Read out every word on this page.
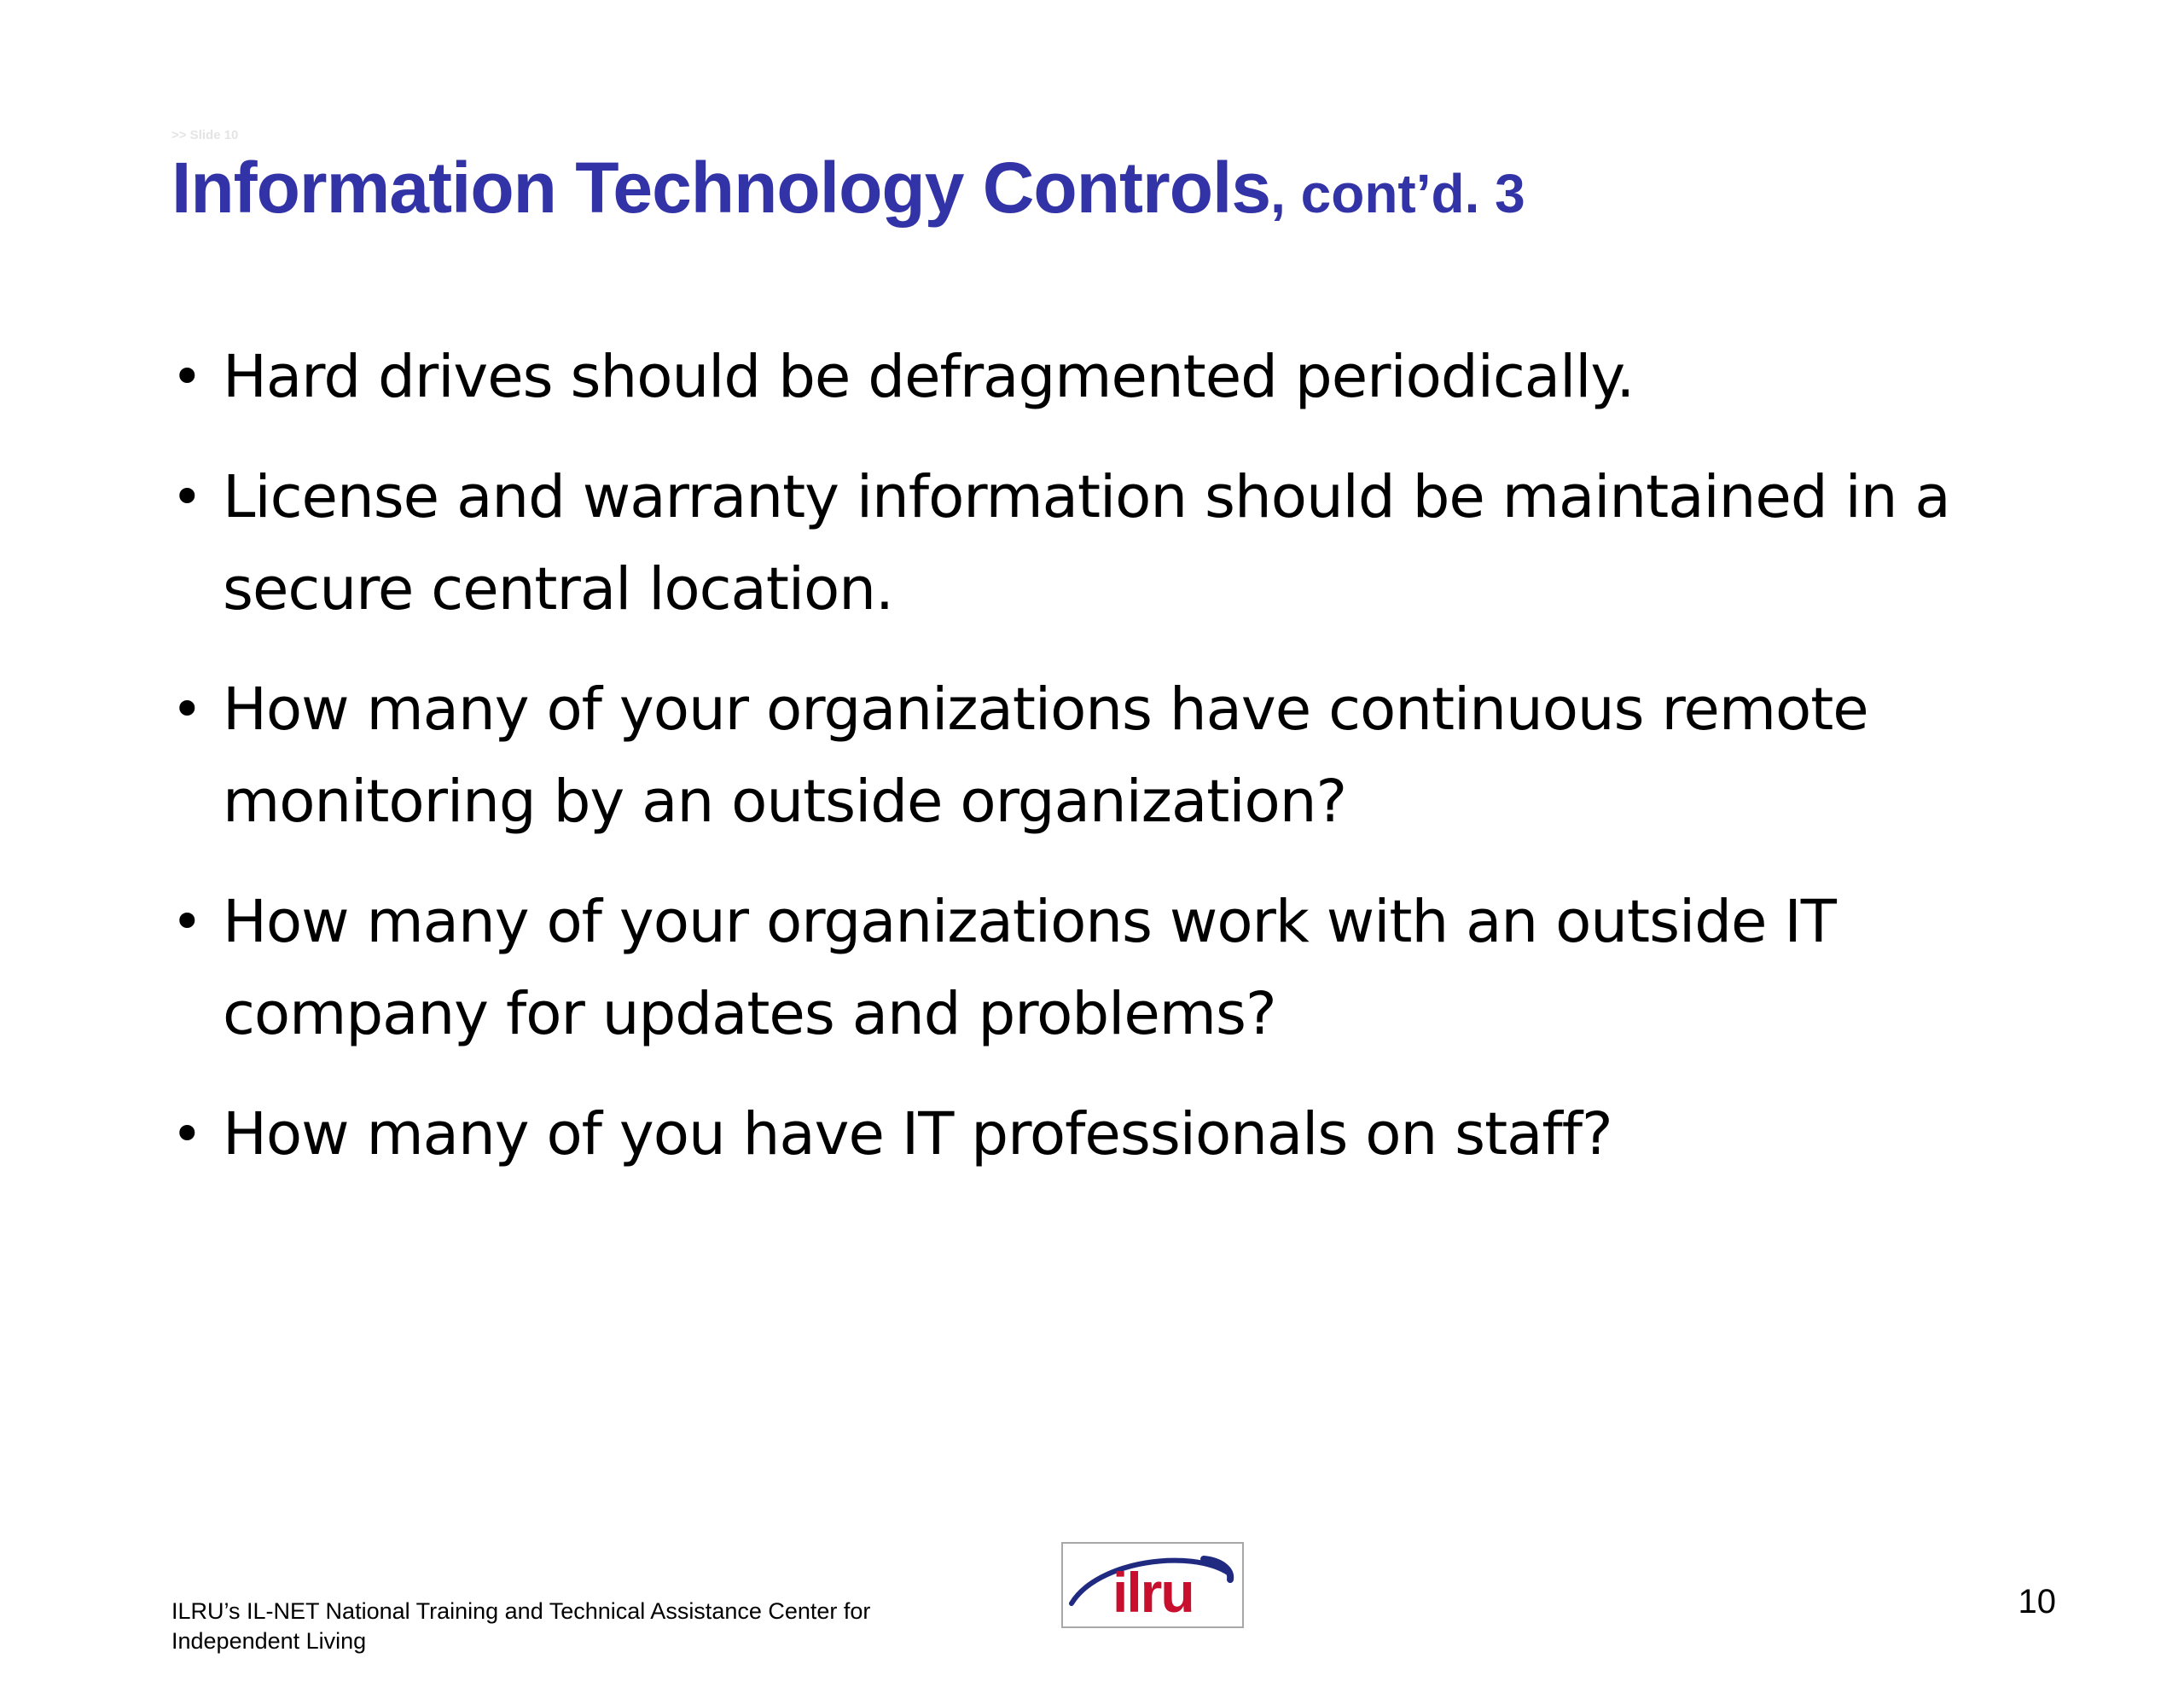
>> Slide 10
Information Technology Controls, cont’d. 3
• Hard drives should be defragmented periodically.
• License and warranty information should be maintained in a secure central location.
• How many of your organizations have continuous remote monitoring by an outside organization?
• How many of your organizations work with an outside IT company for updates and problems?
• How many of you have IT professionals on staff?
ILRU’s IL-NET National Training and Technical Assistance Center for Independent Living
ilru	10
